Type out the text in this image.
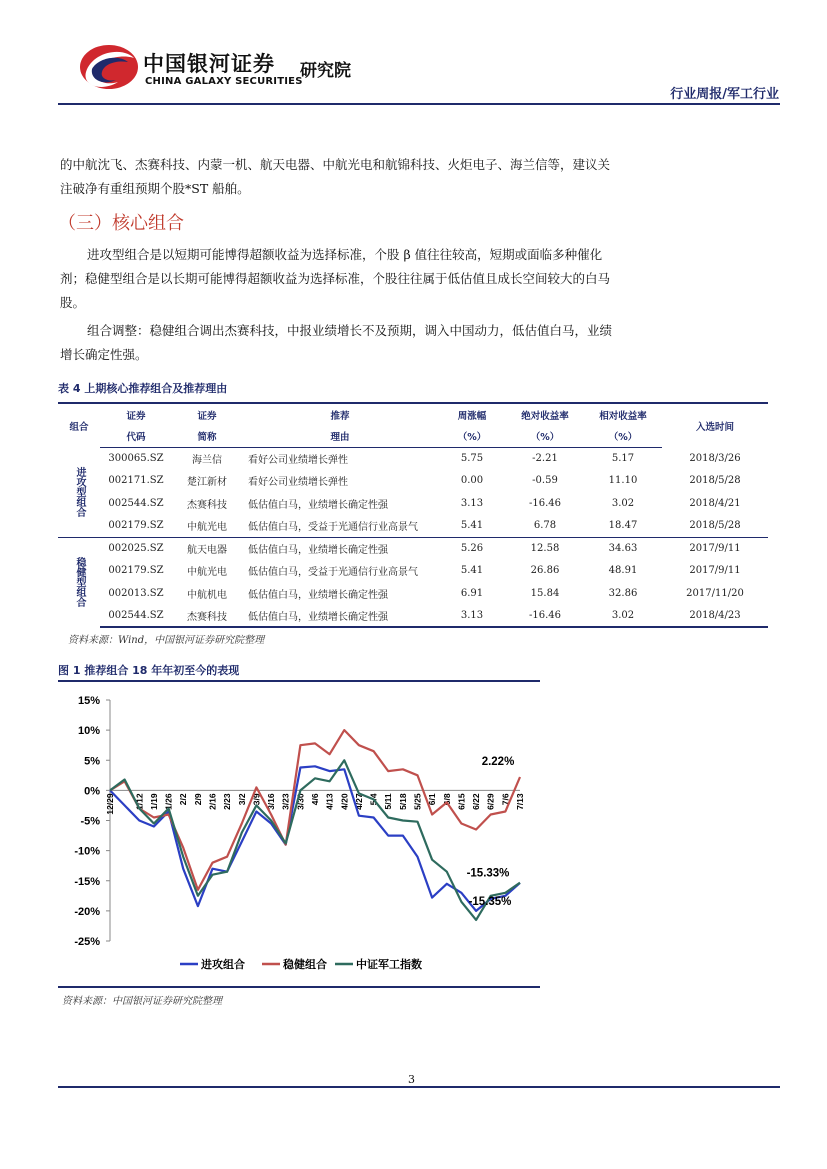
中国银河证券
CHINA GALAXY SECURITIES
研究院
行业周报/军工行业
的中航沈飞、杰赛科技、内蒙一机、航天电器、中航光电和航锦科技、火炬电子、海兰信等，建议关注破净有重组预期个股*ST 船舶。
（三）核心组合
进攻型组合是以短期可能博得超额收益为选择标准，个股 β 值往往较高，短期或面临多种催化剂；稳健型组合是以长期可能博得超额收益为选择标准，个股往往属于低估值且成长空间较大的白马股。
组合调整：稳健组合调出杰赛科技，中报业绩增长不及预期，调入中国动力，低估值白马，业绩增长确定性强。
表 4 上期核心推荐组合及推荐理由
组合	证券	证券	推荐	周涨幅	绝对收益率	相对收益率	入选时间
	代码	简称	理由	（%）	（%）	（%）	
进攻型组合	300065.SZ	海兰信	看好公司业绩增长弹性	5.75	-2.21	5.17	2018/3/26
	002171.SZ	楚江新材	看好公司业绩增长弹性	0.00	-0.59	11.10	2018/5/28
	002544.SZ	杰赛科技	低估值白马，业绩增长确定性强	3.13	-16.46	3.02	2018/4/21
	002179.SZ	中航光电	低估值白马，受益于光通信行业高景气	5.41	6.78	18.47	2018/5/28
稳健型组合	002025.SZ	航天电器	低估值白马，业绩增长确定性强	5.26	12.58	34.63	2017/9/11
	002179.SZ	中航光电	低估值白马，受益于光通信行业高景气	5.41	26.86	48.91	2017/9/11
	002013.SZ	中航机电	低估值白马，业绩增长确定性强	6.91	15.84	32.86	2017/11/20
	002544.SZ	杰赛科技	低估值白马，业绩增长确定性强	3.13	-16.46	3.02	2018/4/23
资料来源：Wind，中国银河证券研究院整理
图 1 推荐组合 18 年年初至今的表现
15%
10%
5%
0%
-5%
-10%
-15%
-20%
-25%
12/29 1/12 1/19 1/26 2/2 2/9 2/16 2/23 3/2 3/9 3/16 3/23 3/30 4/6 4/13 4/20 4/27 5/4 5/11 5/18 5/25 6/1 6/8 6/15 6/22 6/29 7/6 7/13
2.22%
-15.33%
-15.35%
进攻组合	稳健组合	中证军工指数
资料来源：中国银河证券研究院整理
3
